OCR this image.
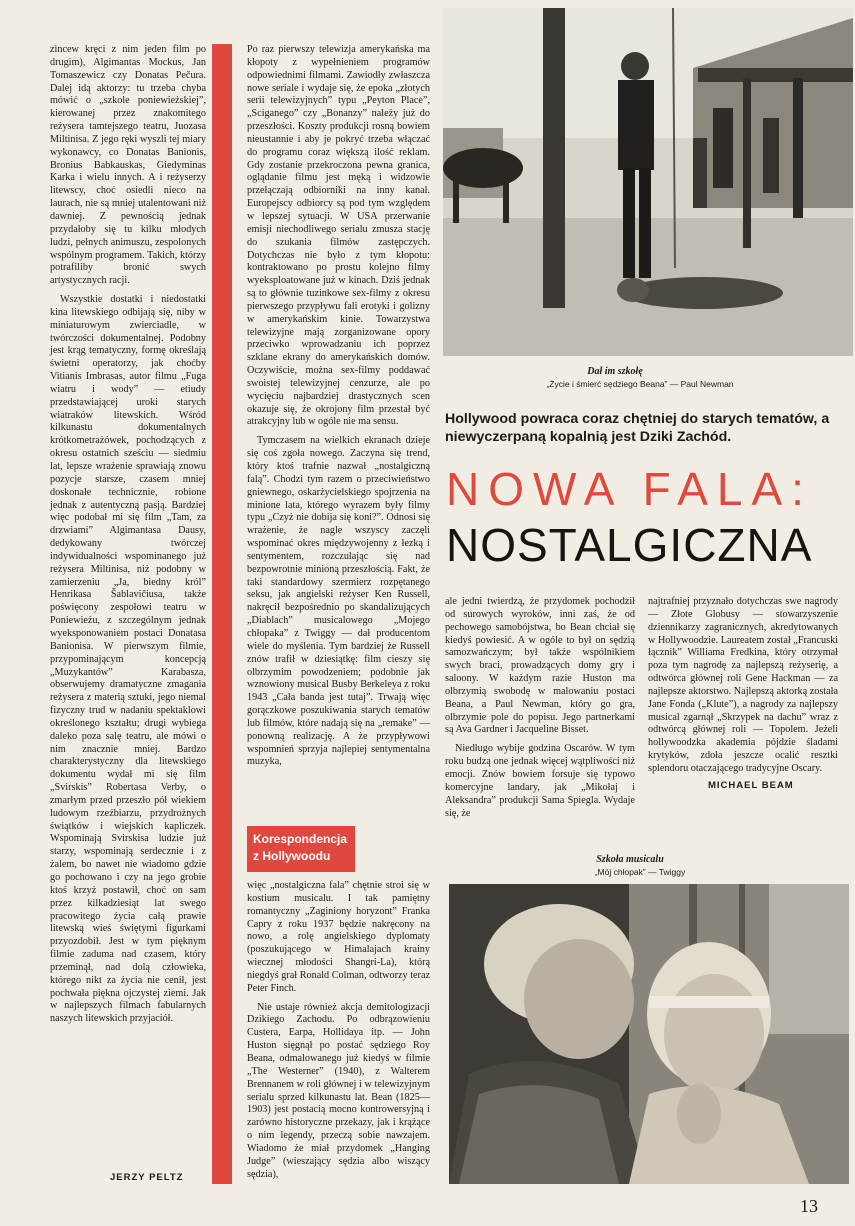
zincew kręci z nim jeden film po drugim), Algimantas Mockus, Jan Tomaszewicz czy Donatas Pečura. Dalej idą aktorzy: tu trzeba chyba mówić o „szkole poniewieżskiej”, kierowanej przez znakomitego reżysera tamtejszego teatru, Juozasa Miltinisa. Z jego ręki wyszli tej miary wykonawcy, co Donatas Banionis, Bronius Babkauskas, Giedyminas Karka i wielu innych. A i reżyserzy litewscy, choć osiedli nieco na laurach, nie są mniej utalentowani niż dawniej. Z pewnością jednak przydałoby się tu kilku młodych ludzi, pełnych animuszu, zespolonych wspólnym programem. Takich, którzy potrafiliby bronić swych artystycznych racji.

Wszystkie dostatki i niedostatki kina litewskiego odbijają się, niby w miniaturowym zwierciadle, w twórczości dokumentalnej. Podobny jest krąg tematyczny, formę określają świetni operatorzy, jak choćby Vitianis Imbrasas, autor filmu „Fuga wiatru i wody” — etiudy przedstawiającej uroki starych wiatraków litewskich. Wśród kilkunastu dokumentalnych krótkometrażówek, pochodzących z okresu ostatnich sześciu — siedmiu lat, lepsze wrażenie sprawiają znowu pozycje starsze, czasem mniej doskonałe technicznie, robione jednak z autentyczną pasją. Bardziej więc podobał mi się film „Tam, za drzwiami” Algimantasa Dausy, dedykowany twórczej indywidualności wspominanego już reżysera Miltinisa, niż podobny w zamierzeniu „Ja, biedny król” Henrikasa Šablavičiusa, także poświęcony zespołowi teatru w Poniewieżu, z szczególnym jednak wyeksponowaniem postaci Donatasa Banionisa. W pierwszym filmie, przypominającym koncepcją „Muzykantów” Karabasza, obserwujemy dramatyczne zmagania reżysera z materią sztuki, jego niemal fizyczny trud w nadaniu spektaklowi określonego kształtu; drugi wybiega daleko poza salę teatru, ale mówi o nim znacznie mniej. Bardzo charakterystyczny dla litewskiego dokumentu wydał mi się film „Svirskis” Robertasa Verby, o zmarłym przed przeszło pół wiekiem ludowym rzeźbiarzu, przydrożnych świątków i wiejskich kapliczek. Wspominają Svirskisa ludzie już starzy, wspominają serdecznie i z żalem, bo nawet nie wiadomo gdzie go pochowano i czy na jego grobie ktoś krzyż postawił, choć on sam przez kilkadziesiąt lat swego pracowitego życia całą prawie litewską wieś świętymi figurkami przyozdobił. Jest w tym pięknym filmie zaduma nad czasem, który przeminął, nad dolą człowieka, którego nikt za życia nie cenił, jest pochwała piękna ojczystej ziemi. Jak w najlepszych filmach fabularnych naszych litewskich przyjaciół.

JERZY PELTZ

Po raz pierwszy telewizja amerykańska ma kłopoty z wypełnieniem programów odpowiednimi filmami. Zawiodły zwłaszcza nowe seriale i wydaje się, że epoka „złotych serii telewizyjnych” typu „Peyton Place”, „Sciganego” czy „Bonanzy” należy już do przeszłości. Koszty produkcji rosną bowiem nieustannie i aby je pokryć trzeba włączać do programu coraz większą ilość reklam. Gdy zostanie przekroczona pewna granica, oglądanie filmu jest męką i widzowie przełączają odbiorniki na inny kanał. Europejscy odbiorcy są pod tym względem w lepszej sytuacji. W USA przerwanie emisji niechodliwego serialu zmusza stację do szukania filmów zastępczych. Dotychczas nie było z tym kłopotu: kontraktowano po prostu kolejno filmy wyeksploatowane już w kinach. Dziś jednak są to głównie tuzinkowe sex-filmy z okresu pierwszego przypływu fali erotyki i golizny w amerykańskim kinie. Towarzystwa telewizyjne mają zorganizowane opory przeciwko wprowadzaniu ich poprzez szklane ekrany do amerykańskich domów. Oczywiście, można sex-filmy poddawać swoistej telewizyjnej cenzurze, ale po wycięciu najbardziej drastycznych scen okazuje się, że okrojony film przestał być atrakcyjny lub w ogóle nie ma sensu.

Tymczasem na wielkich ekranach dzieje się coś zgoła nowego. Zaczyna się trend, który ktoś trafnie nazwał „nostalgiczną falą”. Chodzi tym razem o przeciwieństwo gniewnego, oskarżycielskiego spojrzenia na minione lata, którego wyrazem były filmy typu „Czyż nie dobija się koni?”. Odnosi się wrażenie, że nagle wszyscy zaczęli wspominać okres międzywojenny z łezką i sentymentem, rozczulając się nad bezpowrotnie minioną przeszłością. Fakt, że taki standardowy szermierz rozpętanego seksu, jak angielski reżyser Ken Russell, nakręcił bezpośrednio po skandalizujących „Diablach” musicalowego „Mojego chłopaka” z Twiggy — dał producentom wiele do myślenia. Tym bardziej że Russell znów trafił w dziesiątkę: film cieszy się olbrzymim powodzeniem; podobnie jak wznowiony musical Busby Berkeleya z roku 1943 „Cała banda jest tutaj”. Trwają więc gorączkowe poszukiwania starych tematów lub filmów, które nadają się na „remake” — ponowną realizację. A że przypływowi wspomnień sprzyja najlepiej sentymentalna muzyka,

Korespondencja
z Hollywoodu

więc „nostalgiczna fala” chętnie stroi się w kostium musicalu. I tak pamiętny romantyczny „Zaginiony horyzont” Franka Capry z roku 1937 będzie nakręcony na nowo, a rolę angielskiego dyplomaty (poszukującego w Himalajach krainy wiecznej młodości Shangri-La), którą niegdyś grał Ronald Colman, odtworzy teraz Peter Finch.

Nie ustaje również akcja demitologizacji Dzikiego Zachodu. Po odbrązowieniu Custera, Earpa, Hollidaya itp. — John Huston sięgnął po postać sędziego Roy Beana, odmalowanego już kiedyś w filmie „The Westerner” (1940), z Walterem Brennanem w roli głównej i w telewizyjnym serialu sprzed kilkunastu lat. Bean (1825—1903) jest postacią mocno kontrowersyjną i zarówno historyczne przekazy, jak i krążące o nim legendy, przeczą sobie nawzajem. Wiadomo że miał przydomek „Hanging Judge” (wieszający sędzia albo wiszący sędzia),

Dał im szkołę
„Życie i śmierć sędziego Beana” — Paul Newman
Hollywood powraca coraz chętniej do starych tematów, a niewyczerpaną kopalnią jest Dziki Zachód.
NOWA FALA:
NOSTALGICZNA

ale jedni twierdzą, że przydomek pochodził od surowych wyroków, inni zaś, że od pechowego samobójstwa, bo Bean chciał się kiedyś powiesić. A w ogóle to był on sędzią samozwańczym; był także wspólnikiem swych braci, prowadzących domy gry i saloony. W każdym razie Huston ma olbrzymią swobodę w malowaniu postaci Beana, a Paul Newman, który go gra, olbrzymie pole do popisu. Jego partnerkami są Ava Gardner i Jacqueline Bisset.

Niedługo wybije godzina Oscarów. W tym roku budzą one jednak więcej wątpliwości niż emocji. Znów bowiem forsuje się typowo komercyjne landary, jak „Mikołaj i Aleksandra” produkcji Sama Spiegla. Wydaje się, że

najtrafniej przyznało dotychczas swe nagrody — Złote Globusy — stowarzyszenie dziennikarzy zagranicznych, akredytowanych w Hollywoodzie. Laureatem został „Francuski łącznik” Williama Fredkina, który otrzymał poza tym nagrodę za najlepszą reżyserię, a odtwórca głównej roli Gene Hackman — za najlepsze aktorstwo. Najlepszą aktorką została Jane Fonda („Klute”), a nagrody za najlepszy musical zgarnął „Skrzypek na dachu” wraz z odtwórcą głównej roli — Topolem. Jeżeli hollywoodzka akademia pójdzie śladami krytyków, zdoła jeszcze ocalić resztki splendoru otaczającego tradycyjne Oscary.

MICHAEL BEAM
Szkoła musicalu
„Mój chłopak” — Twiggy
13
